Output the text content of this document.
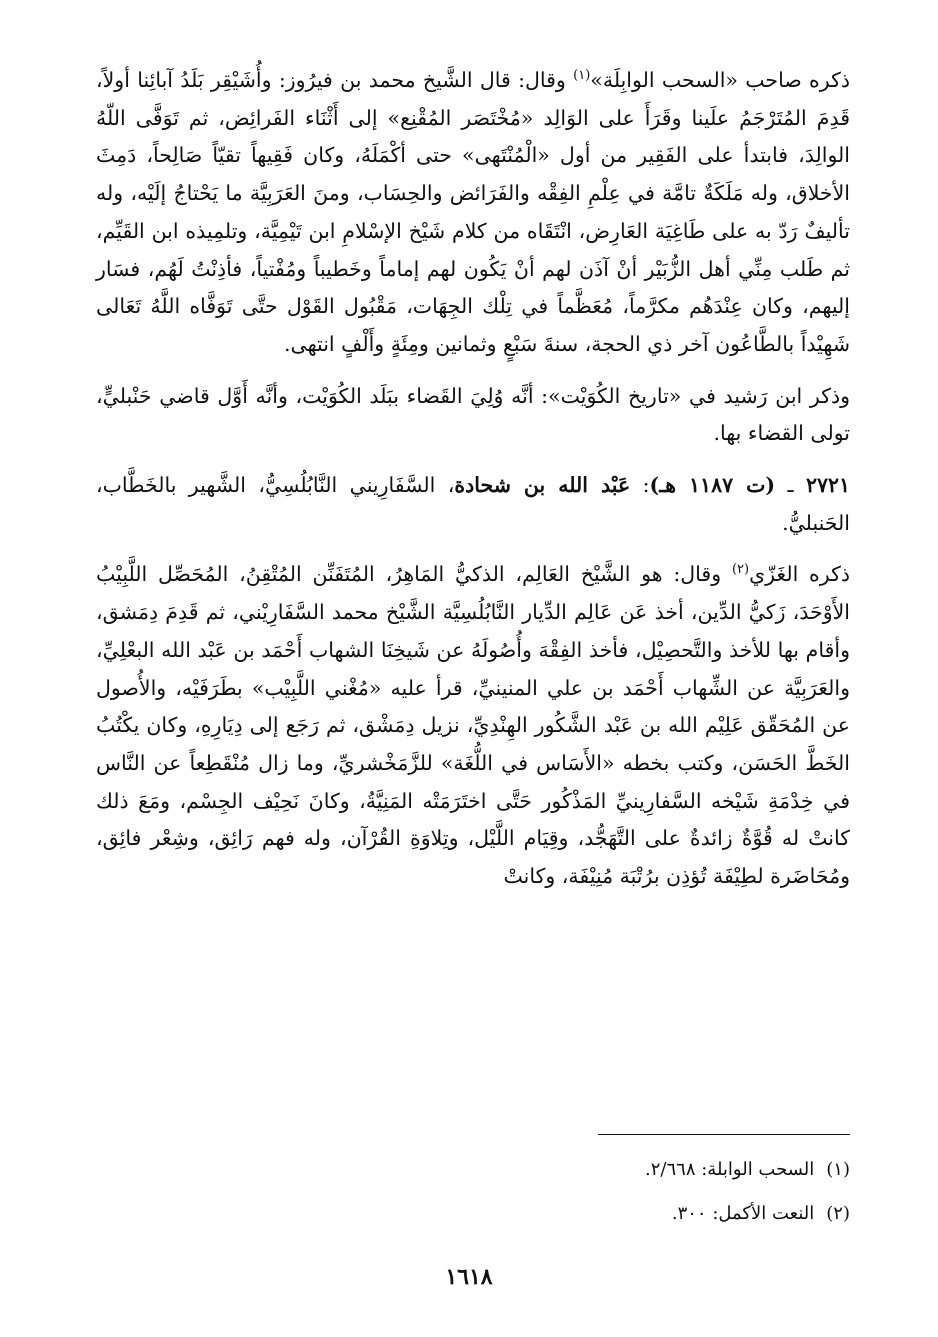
ذكره صاحب «السحب الوابِلَة»$^{(١)}$ وقال: قال الشَّيخ محمد بن فيرُوز: وأُشَيْقِر بَلَدُ آبائِنا أولاً، قَدِمَ المُتَرْجَمُ علَينا وقَرَأَ على الوَالِد «مُخْتَصَر المُقْنِع» إلى أَثْنَاء الفَرائِض، ثم تَوَفَّى اللّهُ الوالِدَ، فابتدأ على الفَقِير من أول «الْمُنْتَهى» حتى أكْمَلَهُ، وكان فَقِيهاً تقيّاً صَالِحاً، دَمِثَ الأخلاق، وله مَلَكَةٌ تامَّة في عِلْمِ الفِقْه والفَرَائض والحِسَاب، ومنَ العَرَبِيَّة ما يَحْتاجُ إلَيْه، وله تأليفٌ رَدّ به على طَاغِيَة العَارِض، انْتَقَاه من كلام شَيْخ الإسْلامِ ابن تَيْمِيَّة، وتلمِيذه ابن القَيِّم، ثم طَلب مِنِّي أهل الزُّبَيْر أنْ آذَن لهم أنْ يَكُون لهم إماماً وخَطيباً ومُفْتياً، فأذِنْتُ لَهُم، فسَار إليهم، وكان عِنْدَهُم مكرَّماً، مُعَظَّماً في تِلْك الجِهَات، مَقْبُول القَوْل حتَّى تَوَفَّاه اللَّهُ تَعَالى شَهِيْداً بالطَّاعُون آخر ذي الحجة، سنةَ سَبْعٍ وثمانين ومِئَةٍ وأَلْفٍ انتهى.

وذكر ابن رَشيد في «تاريخ الكُوَيْت»: أنَّه وُلِيَ القَضاء ببَلَد الكُوَيْت، وأنَّه أَوَّل قاضي حَنْبليٍّ، تولى القضاء بها.

٢٧٢١ ـ (ت ١١٨٧ هـ): عَبْد الله بن شحادة، السَّفَارِيني النَّابُلُسِيُّ، الشَّهير بالخَطَّاب، الحَنبليُّ.

ذكره الغَزّي$^{(٢)}$ وقال: هو الشَّيْخ العَالِم، الذكيُّ المَاهِرُ، المُتَفَنِّن المُتْقِنُ، المُحَصِّل اللَّبِيْبُ الأَوْحَدَ، زَكيُّ الدِّين، أخذ عَن عَالِم الدِّيار النَّابُلُسِيَّة الشَّيْخ محمد السَّفَارِيْني، ثم قَدِمَ دِمَشق، وأقام بها للأخذ والتَّحصِيْل، فأخذ الفِقْهَ وأُصُولَهُ عن شَيخِنَا الشهاب أَحْمَد بن عَبْد الله البعْلِيِّ، والعَرَبِيَّة عن الشِّهاب أَحْمَد بن علي المنينيِّ، قرأ عليه «مُغْني اللَّبِيْب» بطَرَفَيْه، والأُصول عن المُحَقّق عَلِيْم الله بن عَبْد الشَّكُور الهِنْدِيِّ، نزيل دِمَشْق، ثم رَجَع إلى دِيَارِهِ، وكان يكْتُبُ الخَطَّ الحَسَن، وكتب بخطه «الأَسَاس في اللُّغَة» للزَّمَخْشريِّ، وما زال مُنْقَطِعاً عن النَّاس في خِدْمَةِ شَيْخه السَّفارِينيِّ المَذْكُور حَتَّى اختَرَمَتْه المَنِيَّةُ، وكانَ نَحِيْف الجِسْم، ومَعَ ذلك كانتْ له قُوَّةٌ زائدةٌ على التَّهَجُّد، وقِيَام اللَّيْل، وتِلاوَةِ القُرْآن، وله فهم رَائِق، وشِعْر فائِق، ومُحَاضَرة لطِيْفَة تُؤذِن برُتْبَة مُنِيْفَة، وكانتْ

(١)السحب الوابلة: ٢/٦٦٨.
(٢)النعت الأكمل: ٣٠٠.
١٦١٨
